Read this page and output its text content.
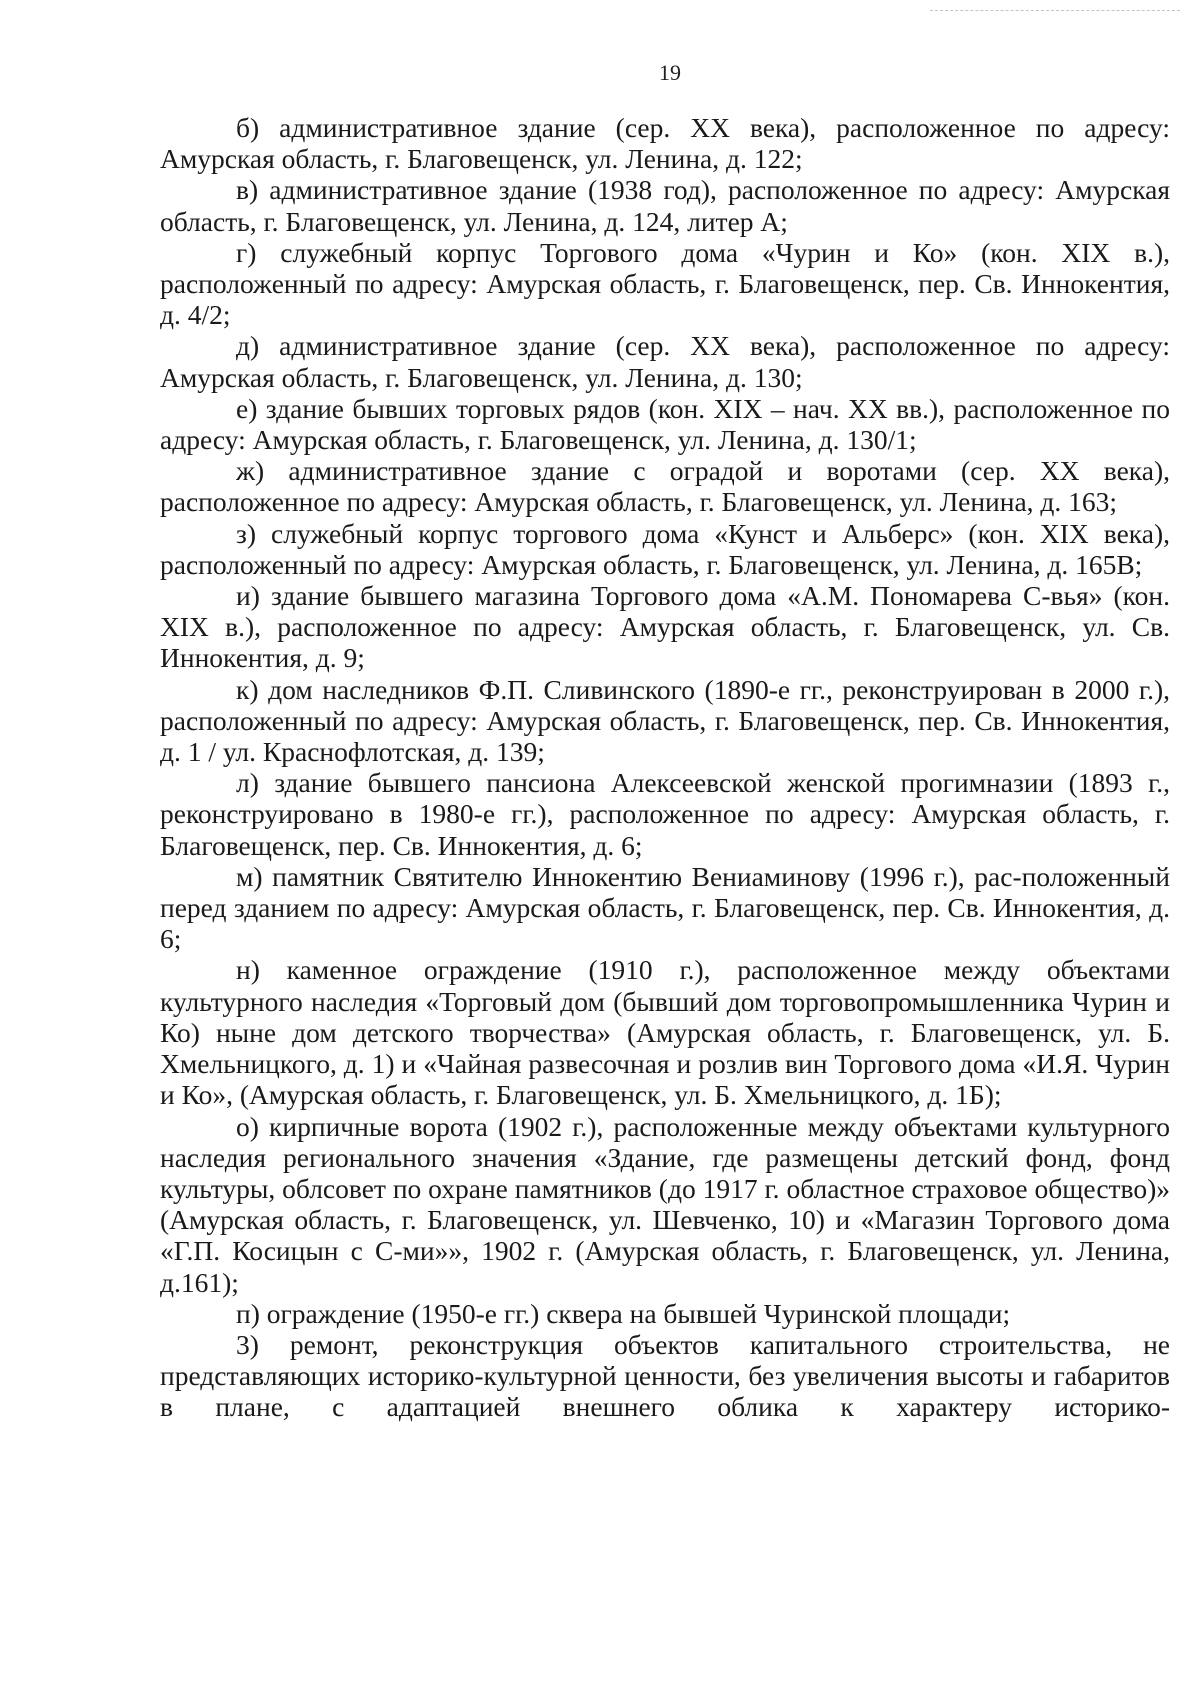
19

б) административное здание (сер. XX века), расположенное по адресу: Амурская область, г. Благовещенск, ул. Ленина, д. 122;

в) административное здание (1938 год), расположенное по адресу: Амурская область, г. Благовещенск, ул. Ленина, д. 124, литер А;

г) служебный корпус Торгового дома «Чурин и Ко» (кон. XIX в.), расположенный по адресу: Амурская область, г. Благовещенск, пер. Св. Иннокентия, д. 4/2;

д) административное здание (сер. XX века), расположенное по адресу: Амурская область, г. Благовещенск, ул. Ленина, д. 130;

е) здание бывших торговых рядов (кон. XIX – нач. XX вв.), расположенное по адресу: Амурская область, г. Благовещенск, ул. Ленина, д. 130/1;

ж) административное здание с оградой и воротами (сер. XX века), расположенное по адресу: Амурская область, г. Благовещенск, ул. Ленина, д. 163;

з) служебный корпус торгового дома «Кунст и Альберс» (кон. XIX века), расположенный по адресу: Амурская область, г. Благовещенск, ул. Ленина, д. 165В;

и) здание бывшего магазина Торгового дома «А.М. Пономарева С-вья» (кон. XIX в.), расположенное по адресу: Амурская область, г. Благовещенск, ул. Св. Иннокентия, д. 9;

к) дом наследников Ф.П. Сливинского (1890-е гг., реконструирован в 2000 г.), расположенный по адресу: Амурская область, г. Благовещенск, пер. Св. Иннокентия, д. 1 / ул. Краснофлотская, д. 139;

л) здание бывшего пансиона Алексеевской женской прогимназии (1893 г., реконструировано в 1980-е гг.), расположенное по адресу: Амурская область, г. Благовещенск, пер. Св. Иннокентия, д. 6;

м) памятник Святителю Иннокентию Вениаминову (1996 г.), рас-положенный перед зданием по адресу: Амурская область, г. Благовещенск, пер. Св. Иннокентия, д. 6;

н) каменное ограждение (1910 г.), расположенное между объектами культурного наследия «Торговый дом (бывший дом торговопромышленника Чурин и Ко) ныне дом детского творчества» (Амурская область, г. Благовещенск, ул. Б. Хмельницкого, д. 1) и «Чайная развесочная и розлив вин Торгового дома «И.Я. Чурин и Ко», (Амурская область, г. Благовещенск, ул. Б. Хмельницкого, д. 1Б);

о) кирпичные ворота (1902 г.), расположенные между объектами культурного наследия регионального значения «Здание, где размещены детский фонд, фонд культуры, облсовет по охране памятников (до 1917 г. областное страховое общество)» (Амурская область, г. Благовещенск, ул. Шевченко, 10) и «Магазин Торгового дома «Г.П. Косицын с С-ми»», 1902 г. (Амурская область, г. Благовещенск, ул. Ленина, д.161);

п) ограждение (1950-е гг.) сквера на бывшей Чуринской площади;

3) ремонт, реконструкция объектов капитального строительства, не представляющих историко-культурной ценности, без увеличения высоты и габаритов в плане, с адаптацией внешнего облика к характеру историко-
